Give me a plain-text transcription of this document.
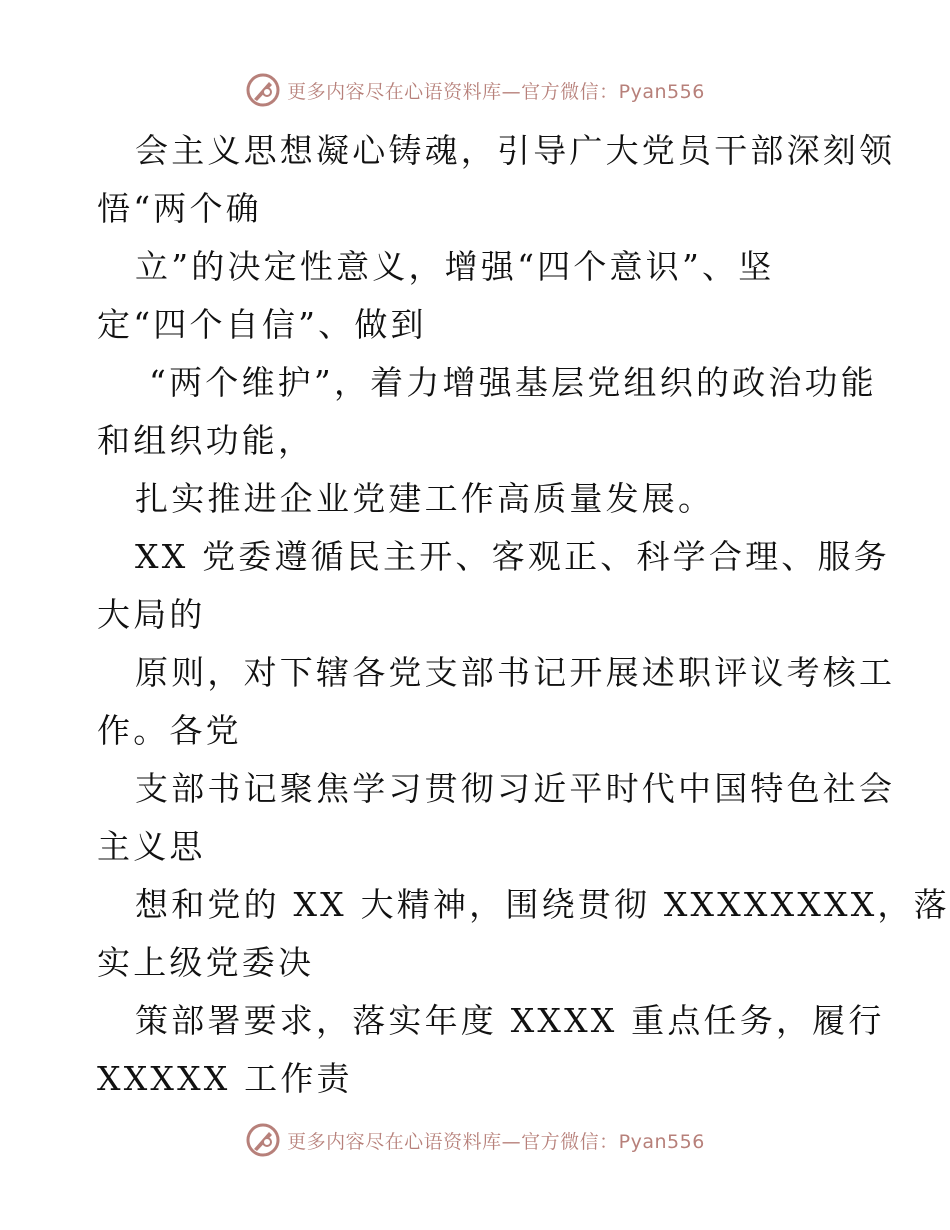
更多内容尽在心语资料库—官方微信：Pyan556
会主义思想凝心铸魂，引导广大党员干部深刻领
悟“两个确
立”的决定性意义，增强“四个意识”、坚
定“四个自信”、做到
“两个维护”，着力增强基层党组织的政治功能
和组织功能，
扎实推进企业党建工作高质量发展。
XX 党委遵循民主开、客观正、科学合理、服务
大局的
原则，对下辖各党支部书记开展述职评议考核工
作。各党
支部书记聚焦学习贯彻习近平时代中国特色社会
主义思
想和党的 XX 大精神，围绕贯彻 XXXXXXXX，落
实上级党委决
策部署要求，落实年度 XXXX 重点任务，履行
XXXXX 工作责
更多内容尽在心语资料库—官方微信：Pyan556
